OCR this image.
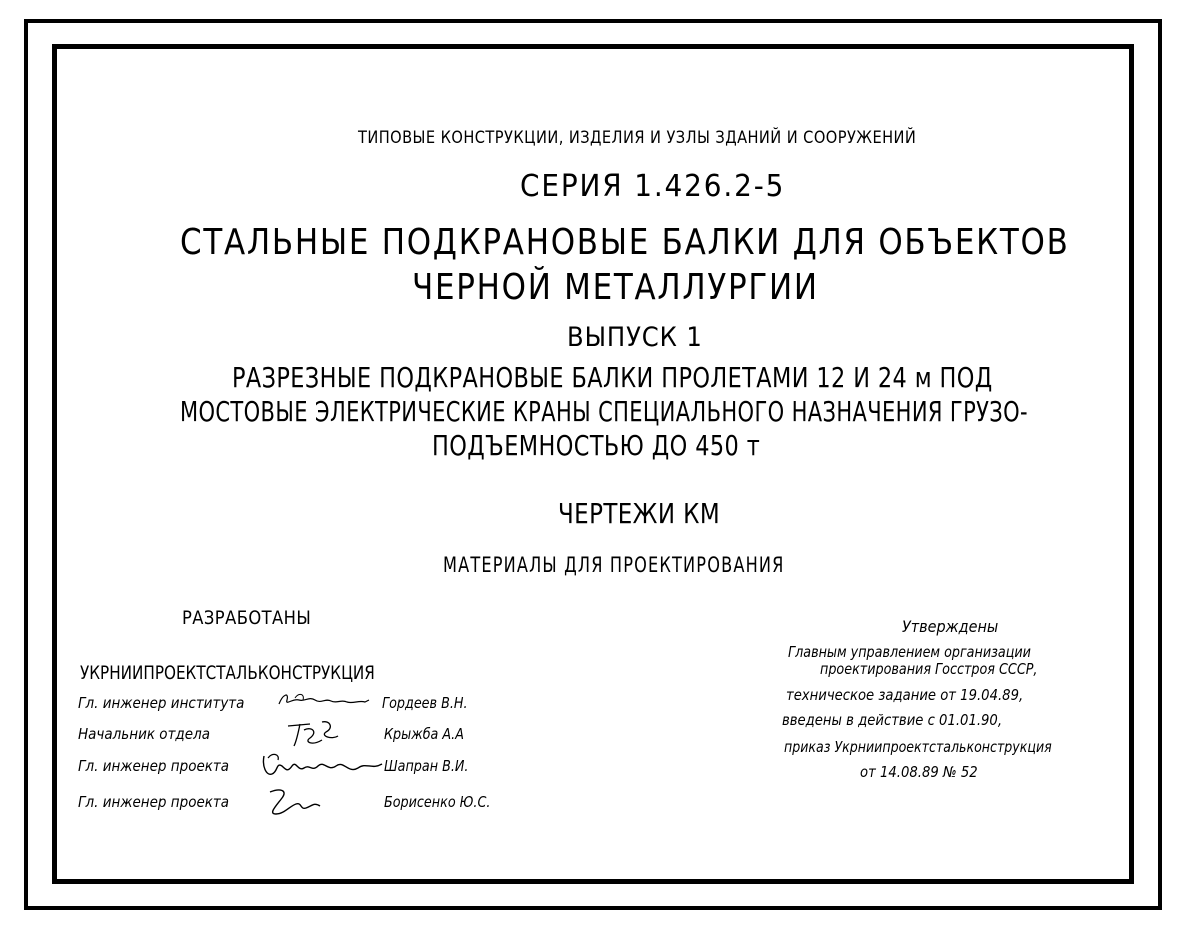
ТИПОВЫЕ КОНСТРУКЦИИ, ИЗДЕЛИЯ И УЗЛЫ ЗДАНИЙ И СООРУЖЕНИЙ
СЕРИЯ 1.426.2-5
СТАЛЬНЫЕ ПОДКРАНОВЫЕ БАЛКИ ДЛЯ ОБЪЕКТОВ
ЧЕРНОЙ МЕТАЛЛУРГИИ
ВЫПУСК 1
РАЗРЕЗНЫЕ ПОДКРАНОВЫЕ БАЛКИ ПРОЛЕТАМИ 12 И 24 м ПОД
МОСТОВЫЕ ЭЛЕКТРИЧЕСКИЕ КРАНЫ СПЕЦИАЛЬНОГО НАЗНАЧЕНИЯ ГРУЗО-
ПОДЪЕМНОСТЬЮ ДО 450 т
ЧЕРТЕЖИ КМ
МАТЕРИАЛЫ ДЛЯ ПРОЕКТИРОВАНИЯ
РАЗРАБОТАНЫ
УКРНИИПРОЕКТСТАЛЬКОНСТРУКЦИЯ
Гл. инженер института	Гордеев В.Н.
Начальник отдела	Крыжба А.А
Гл. инженер проекта	Шапран В.И.
Гл. инженер проекта	Борисенко Ю.С.
Утверждены
Главным управлением организации
проектирования Госстроя СССР,
техническое задание от 19.04.89,
введены в действие с 01.01.90,
приказ Укрниипроектстальконструкция
от 14.08.89 № 52
